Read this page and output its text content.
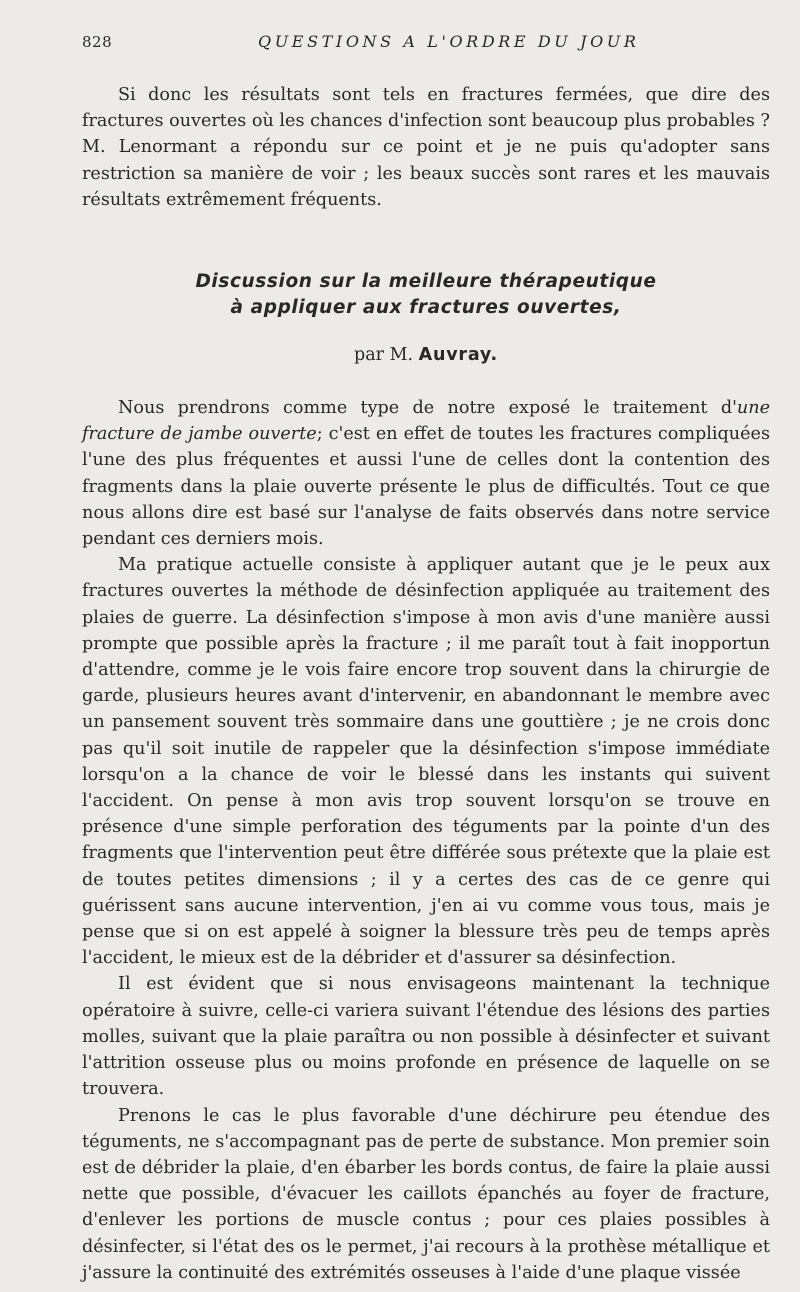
828	QUESTIONS A L'ORDRE DU JOUR

Si donc les résultats sont tels en fractures fermées, que dire des fractures ouvertes où les chances d'infection sont beaucoup plus probables ? M. Lenormant a répondu sur ce point et je ne puis qu'adopter sans restriction sa manière de voir ; les beaux succès sont rares et les mauvais résultats extrêmement fréquents.

Discussion sur la meilleure thérapeutique
à appliquer aux fractures ouvertes,
par M. Auvray.

Nous prendrons comme type de notre exposé le traitement d'une fracture de jambe ouverte; c'est en effet de toutes les fractures compliquées l'une des plus fréquentes et aussi l'une de celles dont la contention des fragments dans la plaie ouverte présente le plus de difficultés. Tout ce que nous allons dire est basé sur l'analyse de faits observés dans notre service pendant ces derniers mois.

Ma pratique actuelle consiste à appliquer autant que je le peux aux fractures ouvertes la méthode de désinfection appliquée au traitement des plaies de guerre. La désinfection s'impose à mon avis d'une manière aussi prompte que possible après la fracture ; il me paraît tout à fait inopportun d'attendre, comme je le vois faire encore trop souvent dans la chirurgie de garde, plusieurs heures avant d'intervenir, en abandonnant le membre avec un pansement souvent très sommaire dans une gouttière ; je ne crois donc pas qu'il soit inutile de rappeler que la désinfection s'impose immédiate lorsqu'on a la chance de voir le blessé dans les instants qui suivent l'accident. On pense à mon avis trop souvent lorsqu'on se trouve en présence d'une simple perforation des téguments par la pointe d'un des fragments que l'intervention peut être différée sous prétexte que la plaie est de toutes petites dimensions ; il y a certes des cas de ce genre qui guérissent sans aucune intervention, j'en ai vu comme vous tous, mais je pense que si on est appelé à soigner la blessure très peu de temps après l'accident, le mieux est de la débrider et d'assurer sa désinfection.

Il est évident que si nous envisageons maintenant la technique opératoire à suivre, celle-ci variera suivant l'étendue des lésions des parties molles, suivant que la plaie paraîtra ou non possible à désinfecter et suivant l'attrition osseuse plus ou moins profonde en présence de laquelle on se trouvera.

Prenons le cas le plus favorable d'une déchirure peu étendue des téguments, ne s'accompagnant pas de perte de substance. Mon premier soin est de débrider la plaie, d'en ébarber les bords contus, de faire la plaie aussi nette que possible, d'évacuer les caillots épanchés au foyer de fracture, d'enlever les portions de muscle contus ; pour ces plaies possibles à désinfecter, si l'état des os le permet, j'ai recours à la prothèse métallique et j'assure la continuité des extrémités osseuses à l'aide d'une plaque vissée
